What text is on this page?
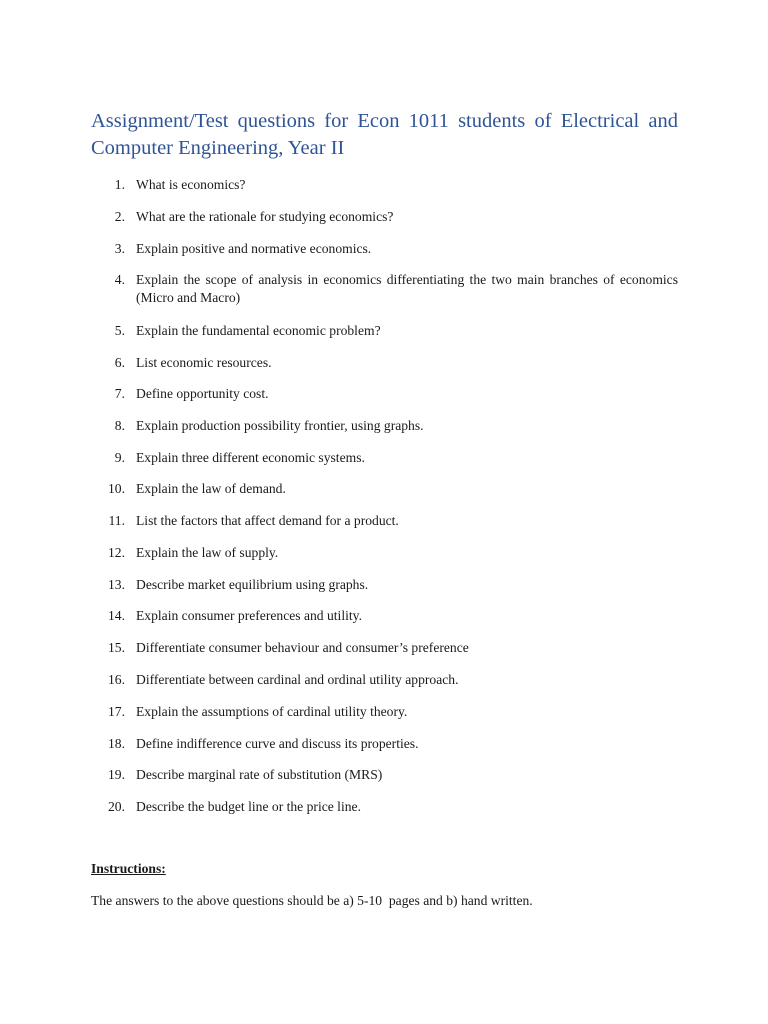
Assignment/Test questions for Econ 1011 students of Electrical and Computer Engineering, Year II
1. What is economics?
2. What are the rationale for studying economics?
3. Explain positive and normative economics.
4. Explain the scope of analysis in economics differentiating the two main branches of economics (Micro and Macro)
5. Explain the fundamental economic problem?
6. List economic resources.
7. Define opportunity cost.
8. Explain production possibility frontier, using graphs.
9. Explain three different economic systems.
10. Explain the law of demand.
11. List the factors that affect demand for a product.
12. Explain the law of supply.
13. Describe market equilibrium using graphs.
14. Explain consumer preferences and utility.
15. Differentiate consumer behaviour and consumer’s preference
16. Differentiate between cardinal and ordinal utility approach.
17. Explain the assumptions of cardinal utility theory.
18. Define indifference curve and discuss its properties.
19. Describe marginal rate of substitution (MRS)
20. Describe the budget line or the price line.

Instructions:

The answers to the above questions should be a) 5-10  pages and b) hand written.
